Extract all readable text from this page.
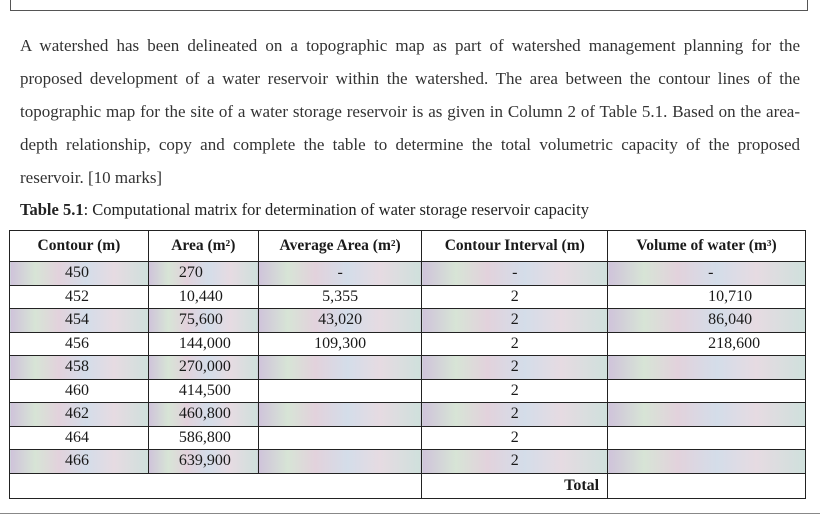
A watershed has been delineated on a topographic map as part of watershed management planning for the proposed development of a water reservoir within the watershed. The area between the contour lines of the topographic map for the site of a water storage reservoir is as given in Column 2 of Table 5.1. Based on the area-depth relationship, copy and complete the table to determine the total volumetric capacity of the proposed reservoir. [10 marks]

Table 5.1: Computational matrix for determination of water storage reservoir capacity
Contour (m)	Area (m²)	Average Area (m²)	Contour Interval (m)	Volume of water (m³)
450	270	-	-	-
452	10,440	5,355	2	10,710
454	75,600	43,020	2	86,040
456	144,000	109,300	2	218,600
458	270,000		2	
460	414,500		2	
462	460,800		2	
464	586,800		2	
466	639,900		2	
			Total	
